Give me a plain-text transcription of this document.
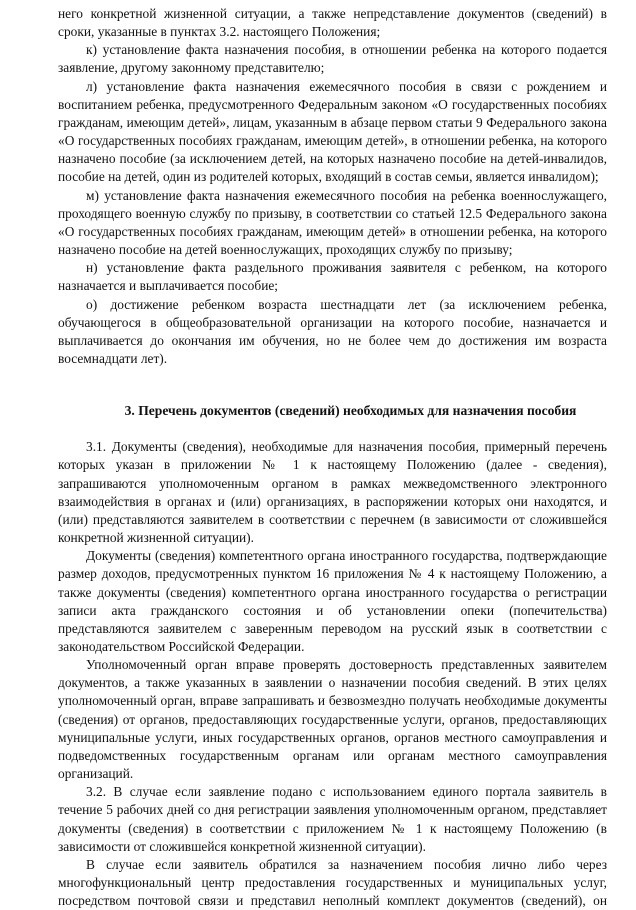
него конкретной жизненной ситуации, а также непредставление документов (сведений) в сроки, указанные в пунктах 3.2. настоящего Положения;

к) установление факта назначения пособия, в отношении ребенка на которого подается заявление, другому законному представителю;

л) установление факта назначения ежемесячного пособия в связи с рождением и воспитанием ребенка, предусмотренного Федеральным законом «О государственных пособиях гражданам, имеющим детей», лицам, указанным в абзаце первом статьи 9 Федерального закона «О государственных пособиях гражданам, имеющим детей», в отношении ребенка, на которого назначено пособие (за исключением детей, на которых назначено пособие на детей-инвалидов, пособие на детей, один из родителей которых, входящий в состав семьи, является инвалидом);

м) установление факта назначения ежемесячного пособия на ребенка военнослужащего, проходящего военную службу по призыву, в соответствии со статьей 12.5 Федерального закона «О государственных пособиях гражданам, имеющим детей» в отношении ребенка, на которого назначено пособие на детей военнослужащих, проходящих службу по призыву;

н) установление факта раздельного проживания заявителя с ребенком, на которого назначается и выплачивается пособие;

о) достижение ребенком возраста шестнадцати лет (за исключением ребенка, обучающегося в общеобразовательной организации на которого пособие, назначается и выплачивается до окончания им обучения, но не более чем до достижения им возраста восемнадцати лет).

3. Перечень документов (сведений) необходимых для назначения пособия

3.1. Документы (сведения), необходимые для назначения пособия, примерный перечень которых указан в приложении № 1 к настоящему Положению (далее - сведения), запрашиваются уполномоченным органом в рамках межведомственного электронного взаимодействия в органах и (или) организациях, в распоряжении которых они находятся, и (или) представляются заявителем в соответствии с перечнем (в зависимости от сложившейся конкретной жизненной ситуации).

Документы (сведения) компетентного органа иностранного государства, подтверждающие размер доходов, предусмотренных пунктом 16 приложения № 4 к настоящему Положению, а также документы (сведения) компетентного органа иностранного государства о регистрации записи акта гражданского состояния и об установлении опеки (попечительства) представляются заявителем с заверенным переводом на русский язык в соответствии с законодательством Российской Федерации.

Уполномоченный орган вправе проверять достоверность представленных заявителем документов, а также указанных в заявлении о назначении пособия сведений. В этих целях уполномоченный орган, вправе запрашивать и безвозмездно получать необходимые документы (сведения) от органов, предоставляющих государственные услуги, органов, предоставляющих муниципальные услуги, иных государственных органов, органов местного самоуправления и подведомственных государственным органам или органам местного самоуправления организаций.

3.2. В случае если заявление подано с использованием единого портала заявитель в течение 5 рабочих дней со дня регистрации заявления уполномоченным органом, представляет документы (сведения) в соответствии с приложением № 1 к настоящему Положению (в зависимости от сложившейся конкретной жизненной ситуации).

В случае если заявитель обратился за назначением пособия лично либо через многофункциональный центр предоставления государственных и муниципальных услуг, посредством почтовой связи и представил неполный комплект документов (сведений), он
